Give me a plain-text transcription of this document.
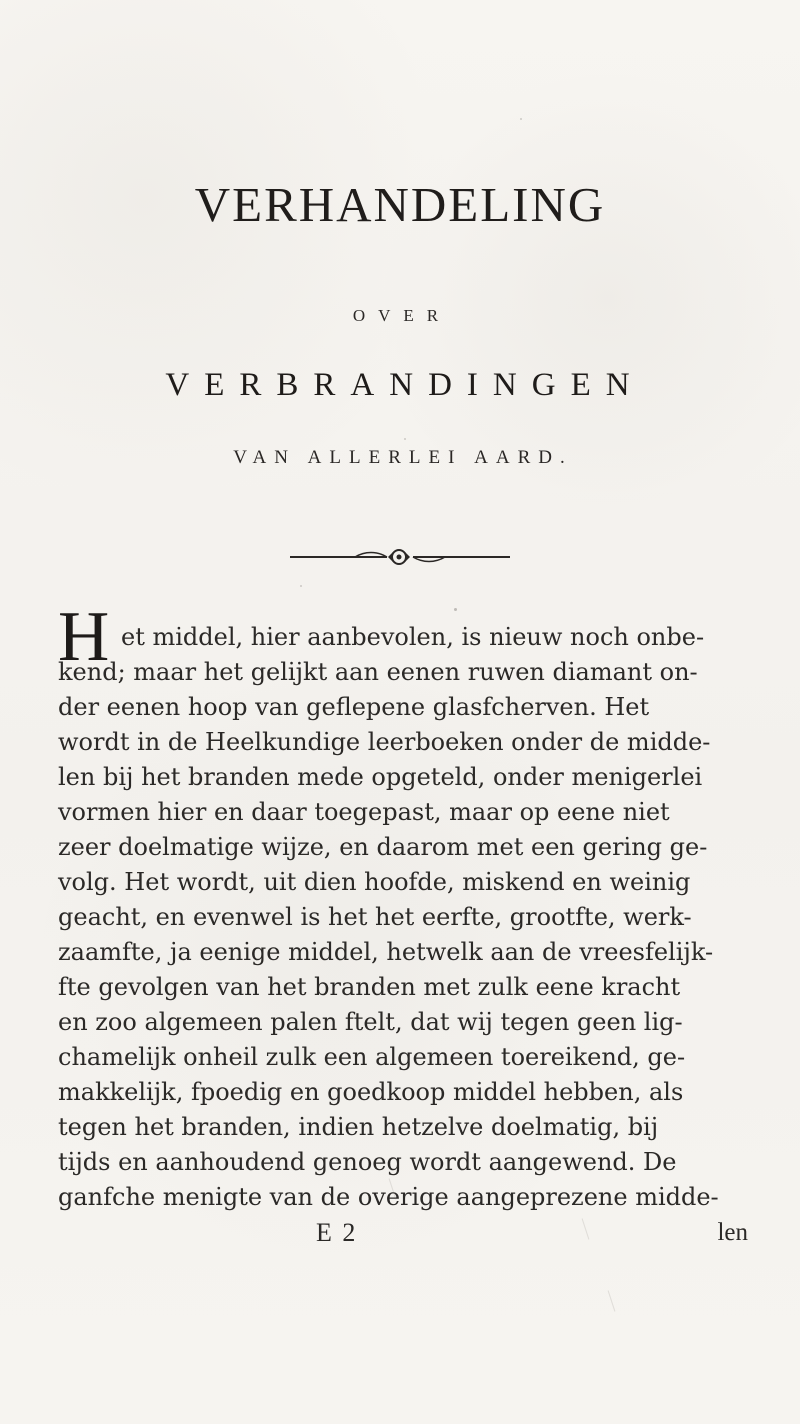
VERHANDELING
OVER
VERBRANDINGEN
VAN ALLERLEI AARD.
H et middel, hier aanbevolen, is nieuw noch onbe-
kend; maar het gelijkt aan eenen ruwen diamant on-
der eenen hoop van geflepene glasfcherven. Het
wordt in de Heelkundige leerboeken onder de midde-
len bij het branden mede opgeteld, onder menigerlei
vormen hier en daar toegepast, maar op eene niet
zeer doelmatige wijze, en daarom met een gering ge-
volg. Het wordt, uit dien hoofde, miskend en weinig
geacht, en evenwel is het het eerfte, grootfte, werk-
zaamfte, ja eenige middel, hetwelk aan de vreesfelijk-
fte gevolgen van het branden met zulk eene kracht
en zoo algemeen palen ftelt, dat wij tegen geen lig-
chamelijk onheil zulk een algemeen toereikend, ge-
makkelijk, fpoedig en goedkoop middel hebben, als
tegen het branden, indien hetzelve doelmatig, bij
tijds en aanhoudend genoeg wordt aangewend. De
ganfche menigte van de overige aangeprezene midde-
E 2	len
